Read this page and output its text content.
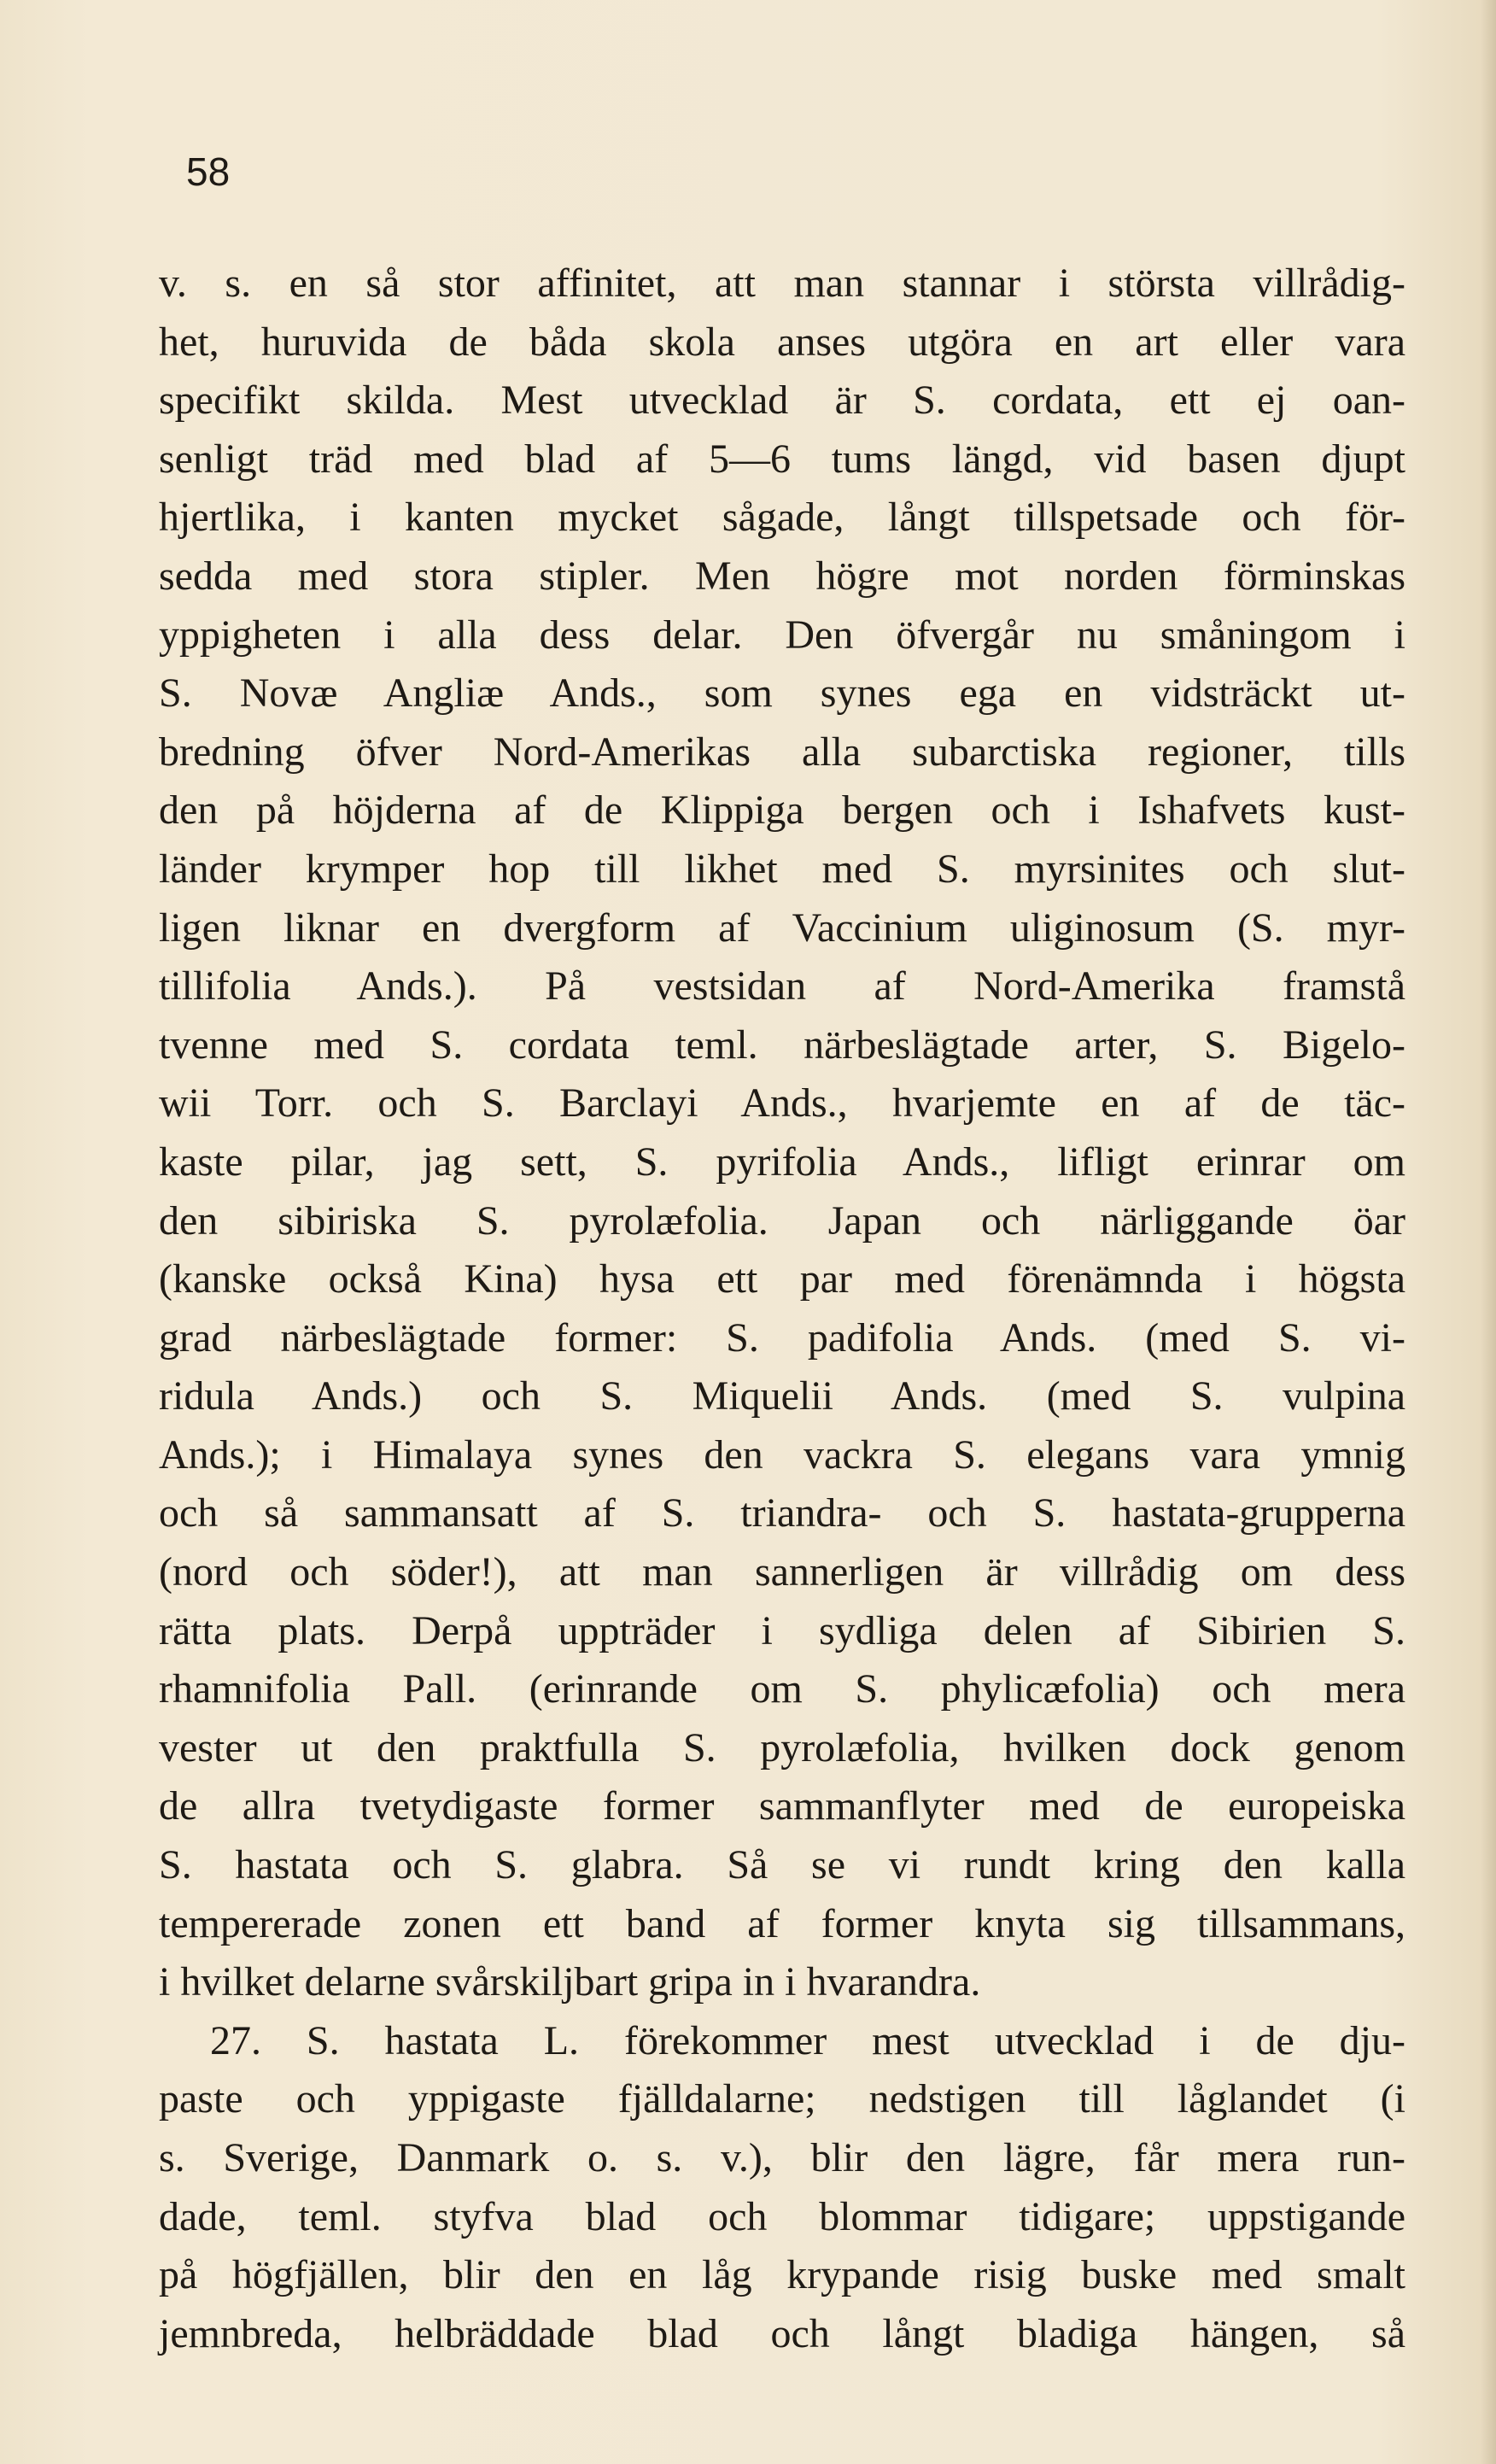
58
v. s. en så stor affinitet, att man stannar i största villrådig-
het, huruvida de båda skola anses utgöra en art eller vara
specifikt skilda. Mest utvecklad är S. cordata, ett ej oan-
senligt träd med blad af 5—6 tums längd, vid basen djupt
hjertlika, i kanten mycket sågade, långt tillspetsade och för-
sedda med stora stipler. Men högre mot norden förminskas
yppigheten i alla dess delar. Den öfvergår nu småningom i
S. Novæ Angliæ Ands., som synes ega en vidsträckt ut-
bredning öfver Nord-Amerikas alla subarctiska regioner, tills
den på höjderna af de Klippiga bergen och i Ishafvets kust-
länder krymper hop till likhet med S. myrsinites och slut-
ligen liknar en dvergform af Vaccinium uliginosum (S. myr-
tillifolia Ands.). På vestsidan af Nord-Amerika framstå
tvenne med S. cordata teml. närbeslägtade arter, S. Bigelo-
wii Torr. och S. Barclayi Ands., hvarjemte en af de täc-
kaste pilar, jag sett, S. pyrifolia Ands., lifligt erinrar om
den sibiriska S. pyrolæfolia. Japan och närliggande öar
(kanske också Kina) hysa ett par med förenämnda i högsta
grad närbeslägtade former: S. padifolia Ands. (med S. vi-
ridula Ands.) och S. Miquelii Ands. (med S. vulpina
Ands.); i Himalaya synes den vackra S. elegans vara ymnig
och så sammansatt af S. triandra- och S. hastata-grupperna
(nord och söder!), att man sannerligen är villrådig om dess
rätta plats. Derpå uppträder i sydliga delen af Sibirien S.
rhamnifolia Pall. (erinrande om S. phylicæfolia) och mera
vester ut den praktfulla S. pyrolæfolia, hvilken dock genom
de allra tvetydigaste former sammanflyter med de europeiska
S. hastata och S. glabra. Så se vi rundt kring den kalla
tempererade zonen ett band af former knyta sig tillsammans,
i hvilket delarne svårskiljbart gripa in i hvarandra.
27. S. hastata L. förekommer mest utvecklad i de dju-
paste och yppigaste fjälldalarne; nedstigen till låglandet (i
s. Sverige, Danmark o. s. v.), blir den lägre, får mera run-
dade, teml. styfva blad och blommar tidigare; uppstigande
på högfjällen, blir den en låg krypande risig buske med smalt
jemnbreda, helbräddade blad och långt bladiga hängen, så
